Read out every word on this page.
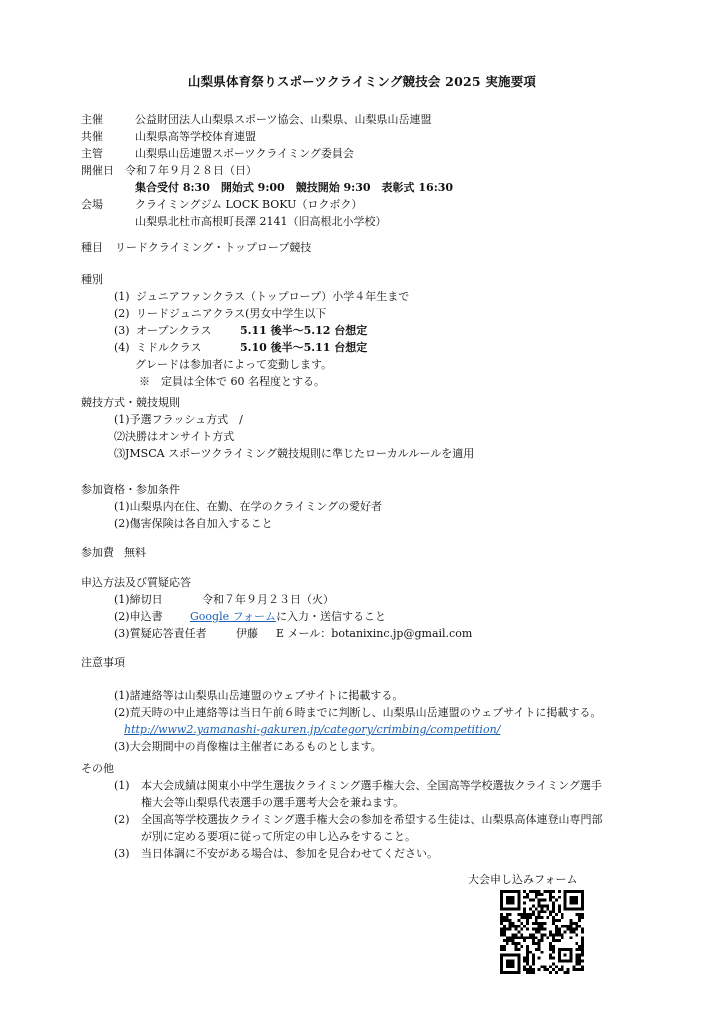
山梨県体育祭りスポーツクライミング競技会 2025 実施要項
主催	公益財団法人山梨県スポーツ協会、山梨県、山梨県山岳連盟
共催	山梨県高等学校体育連盟
主管	山梨県山岳連盟スポーツクライミング委員会
開催日 令和７年９月２８日（日）
集合受付 8:30　開始式 9:00　競技開始 9:30　表彰式 16:30
会場	クライミングジム LOCK BOKU（ロクボク）
山梨県北杜市高根町長澤 2141（旧高根北小学校）
種目 リードクライミング・トップロープ競技
種別
(1) ジュニアファンクラス（トップロープ）小学４年生まで
(2) リードジュニアクラス(男女中学生以下
(3) オープンクラス	5.11 後半～5.12 台想定
(4) ミドルクラス	5.10 後半～5.11 台想定
グレードは参加者によって変動します。
※　定員は全体で 60 名程度とする。
競技方式・競技規則
(1)予選フラッシュ方式　/
⑵決勝はオンサイト方式
⑶JMSCA スポーツクライミング競技規則に準じたローカルルールを適用
参加資格・参加条件
(1)山梨県内在住、在勤、在学のクライミングの愛好者
(2)傷害保険は各自加入すること
参加費 無料
申込方法及び質疑応答
(1)締切日	令和７年９月２３日（火）
(2)申込書 Google フォームに入力・送信すること
(3)質疑応答責任者	伊藤 E メール：botanixinc.jp@gmail.com
注意事項
(1)諸連絡等は山梨県山岳連盟のウェブサイトに掲載する。
(2)荒天時の中止連絡等は当日午前６時までに判断し、山梨県山岳連盟のウェブサイトに掲載する。
http://www2.yamanashi-gakuren.jp/category/crimbing/competition/
(3)大会期間中の肖像権は主催者にあるものとします。
その他
(1) 本大会成績は関東小中学生選抜クライミング選手権大会、全国高等学校選抜クライミング選手
権大会等山梨県代表選手の選手選考大会を兼ねます。
(2) 全国高等学校選抜クライミング選手権大会の参加を希望する生徒は、山梨県高体連登山専門部
が別に定める要項に従って所定の申し込みをすること。
(3) 当日体調に不安がある場合は、参加を見合わせてください。
大会申し込みフォーム
